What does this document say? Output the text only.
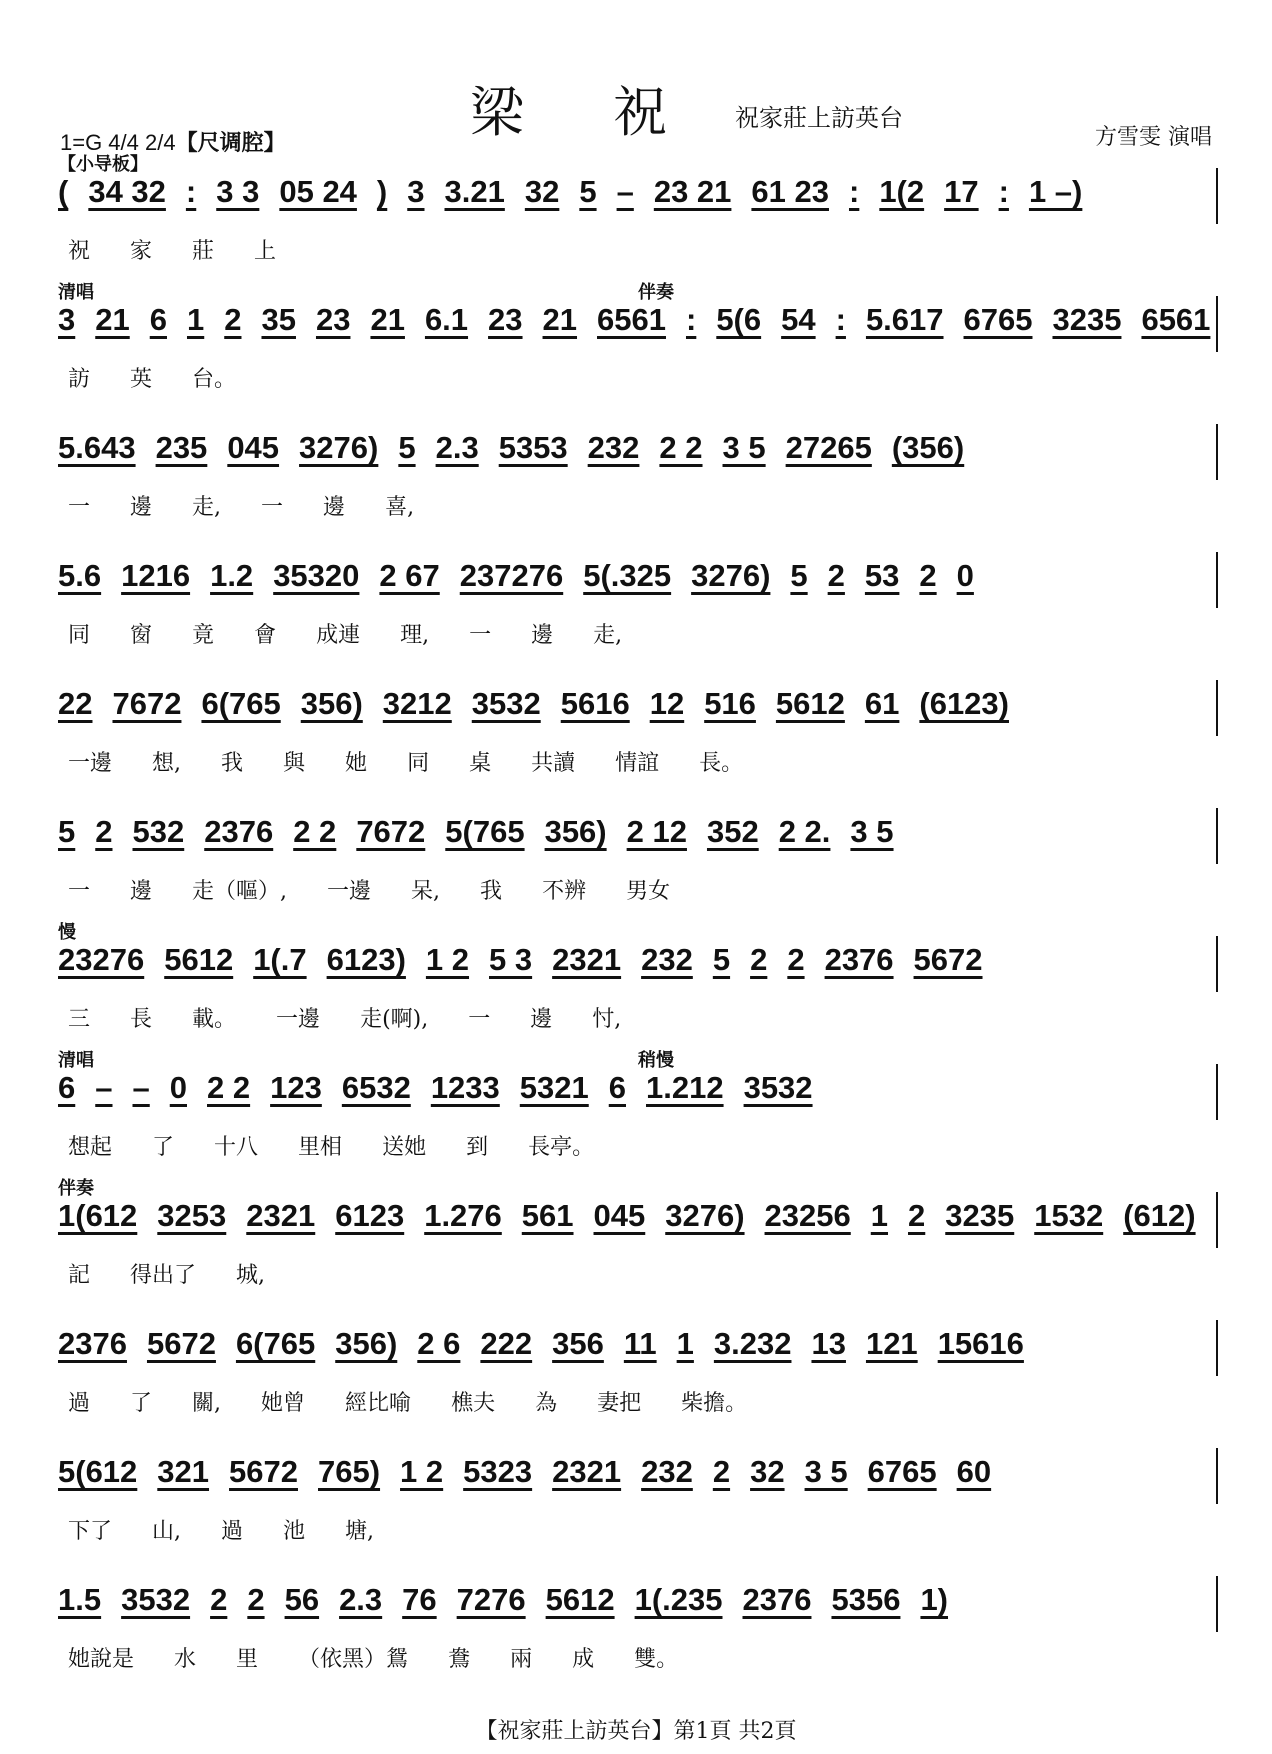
梁 祝 祝家莊上訪英台
1=G 4/4 2/4【尺调腔】	方雪雯 演唱
【小导板】
( 34 32 : 3 3 05 24 ) 3 3.21 32 5 – 23 21 61 23 : 1(2 17 : 1 –)
祝 家 莊 上
清唱	伴奏
3 21 6 1 2 35 23 21 6.1 23 21 6561 : 5(6 54 : 5.617 6765 3235 6561
訪 英 台。
5.643 235 045 3276) 5 2.3 5353 232 2 2 3 5 27265 (356)
一 邊 走, 一 邊 喜,
5.6 1216 1.2 35320 2 67 237276 5(.325 3276) 5 2 53 2 0
同 窗 竟 會 成連 理, 一 邊 走,
22 7672 6(765 356) 3212 3532 5616 12 516 5612 61 (6123)
一邊 想, 我 與 她 同 桌 共讀 情誼 長。
5 2 532 2376 2 2 7672 5(765 356) 2 12 352 2 2. 3 5
一 邊 走（嘔）, 一邊 呆, 我 不辨 男女
慢
23276 5612 1(.7 6123) 1 2 5 3 2321 232 5 2 2 2376 5672
三 長 載。 一邊 走(啊), 一 邊 忖,
清唱	稍慢
6 – – 0 2 2 123 6532 1233 5321 6 1.212 3532
想起 了 十八 里相 送她 到 長亭。
伴奏
1(612 3253 2321 6123 1.276 561 045 3276) 23256 1 2 3235 1532 (612)
記 得出了 城,
2376 5672 6(765 356) 2 6 222 356 11 1 3.232 13 121 15616
過 了 關, 她曾 經比喻 樵夫 為 妻把 柴擔。
5(612 321 5672 765) 1 2 5323 2321 232 2 32 3 5 6765 60
下了 山, 過 池 塘,
1.5 3532 2 2 56 2.3 76 7276 5612 1(.235 2376 5356 1)
她說是 水 里 （依黑）鴛 鴦 兩 成 雙。
【祝家莊上訪英台】第1頁 共2頁
